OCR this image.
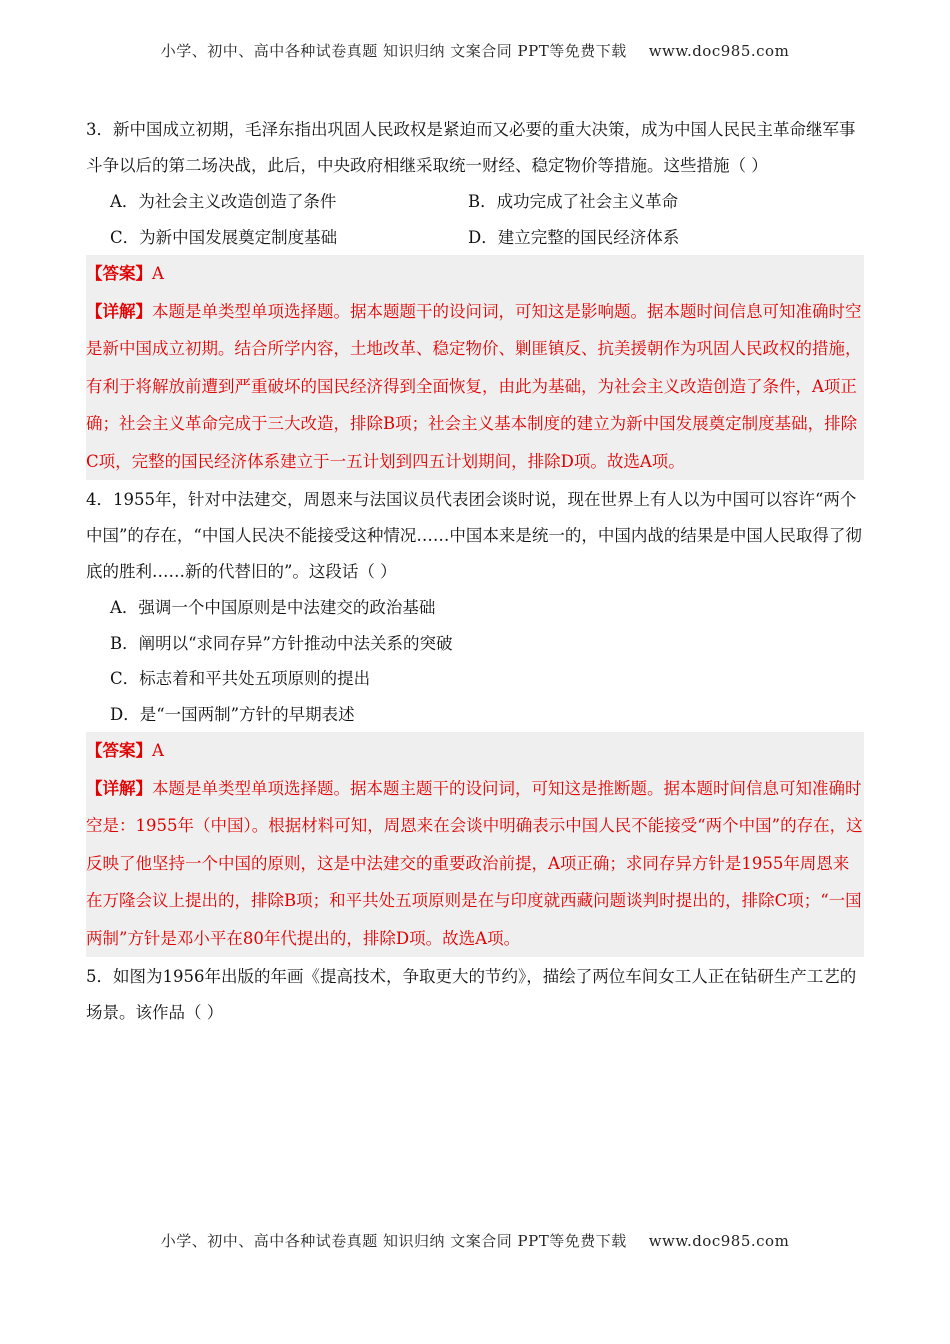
小学、初中、高中各种试卷真题 知识归纳 文案合同 PPT等免费下载 www.doc985.com

3．新中国成立初期，毛泽东指出巩固人民政权是紧迫而又必要的重大决策，成为中国人民民主革命继军事斗争以后的第二场决战，此后，中央政府相继采取统一财经、稳定物价等措施。这些措施（ ）

A．为社会主义改造创造了条件	B．成功完成了社会主义革命
C．为新中国发展奠定制度基础	D．建立完整的国民经济体系

【答案】A

【详解】本题是单类型单项选择题。据本题题干的设问词，可知这是影响题。据本题时间信息可知准确时空是新中国成立初期。结合所学内容，土地改革、稳定物价、剿匪镇反、抗美援朝作为巩固人民政权的措施，有利于将解放前遭到严重破坏的国民经济得到全面恢复，由此为基础，为社会主义改造创造了条件，A项正确；社会主义革命完成于三大改造，排除B项；社会主义基本制度的建立为新中国发展奠定制度基础，排除C项，完整的国民经济体系建立于一五计划到四五计划期间，排除D项。故选A项。

4．1955年，针对中法建交，周恩来与法国议员代表团会谈时说，现在世界上有人以为中国可以容许“两个中国”的存在，“中国人民决不能接受这种情况……中国本来是统一的，中国内战的结果是中国人民取得了彻底的胜利……新的代替旧的”。这段话（ ）

A．强调一个中国原则是中法建交的政治基础
B．阐明以“求同存异”方针推动中法关系的突破
C．标志着和平共处五项原则的提出
D．是“一国两制”方针的早期表述

【答案】A

【详解】本题是单类型单项选择题。据本题主题干的设问词，可知这是推断题。据本题时间信息可知准确时空是：1955年（中国）。根据材料可知，周恩来在会谈中明确表示中国人民不能接受“两个中国”的存在，这反映了他坚持一个中国的原则，这是中法建交的重要政治前提，A项正确；求同存异方针是1955年周恩来在万隆会议上提出的，排除B项；和平共处五项原则是在与印度就西藏问题谈判时提出的，排除C项；“一国两制”方针是邓小平在80年代提出的，排除D项。故选A项。

5．如图为1956年出版的年画《提高技术，争取更大的节约》，描绘了两位车间女工人正在钻研生产工艺的场景。该作品（ ）

小学、初中、高中各种试卷真题 知识归纳 文案合同 PPT等免费下载 www.doc985.com
